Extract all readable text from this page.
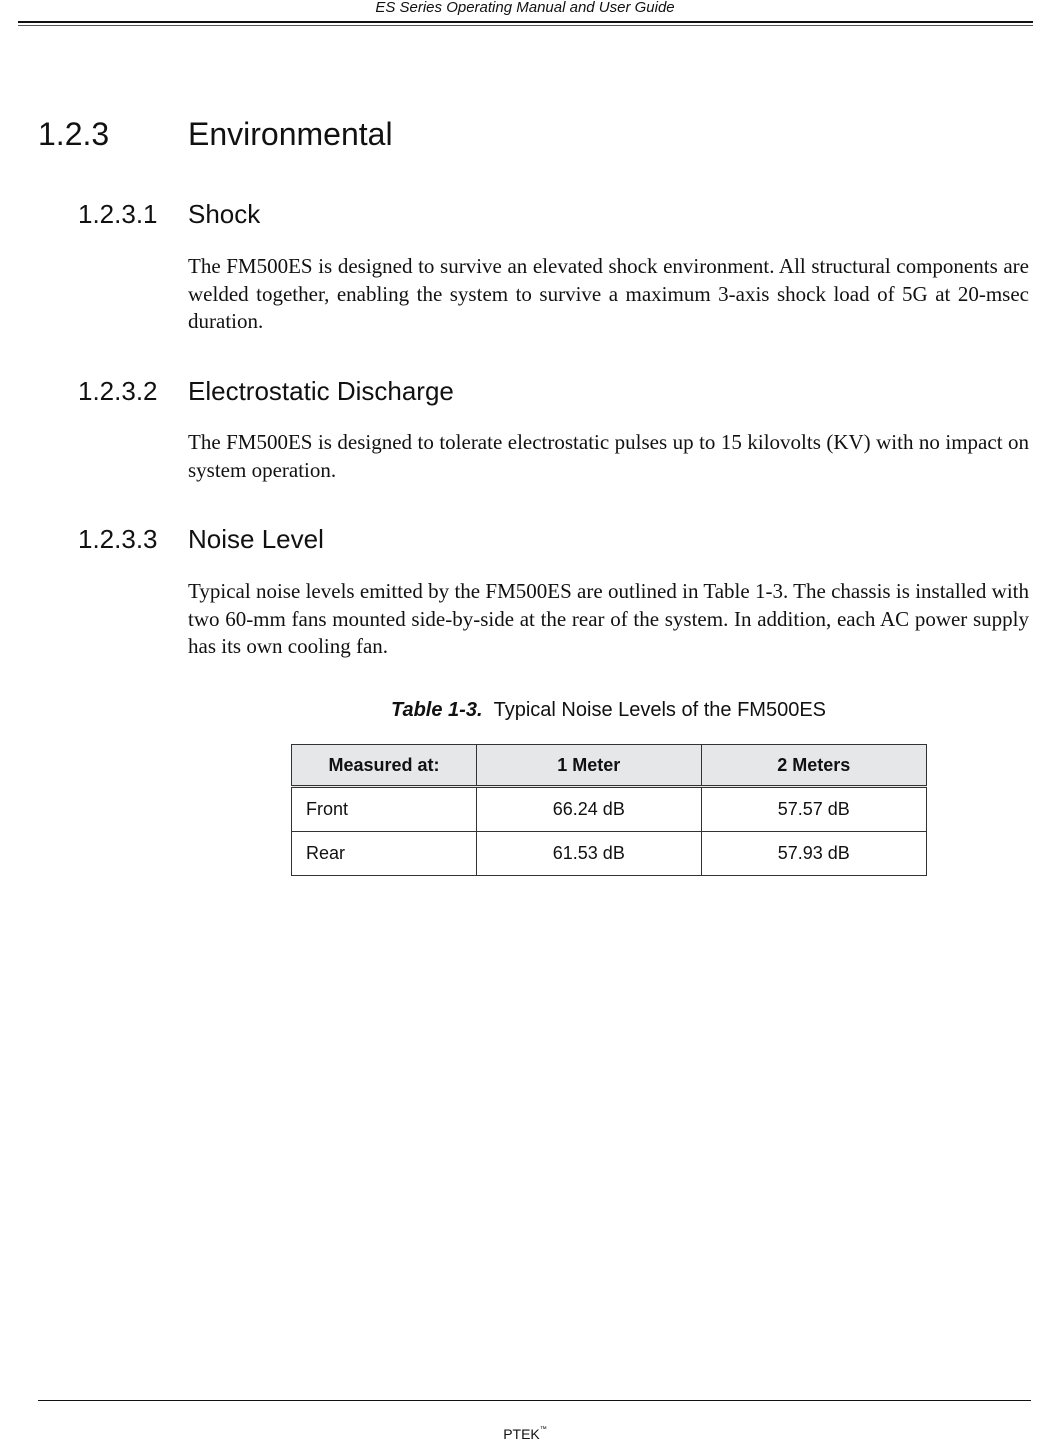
ES Series Operating Manual and User Guide
1.2.3 Environmental
1.2.3.1 Shock

The FM500ES is designed to survive an elevated shock environment. All structural components are welded together, enabling the system to survive a maximum 3-axis shock load of 5G at 20-msec duration.

1.2.3.2 Electrostatic Discharge

The FM500ES is designed to tolerate electrostatic pulses up to 15 kilovolts (KV) with no impact on system operation.

1.2.3.3 Noise Level

Typical noise levels emitted by the FM500ES are outlined in Table 1-3. The chassis is installed with two 60-mm fans mounted side-by-side at the rear of the system. In addition, each AC power supply has its own cooling fan.

Table 1-3. Typical Noise Levels of the FM500ES
Measured at:	1 Meter	2 Meters
Front	66.24 dB	57.57 dB
Rear	61.53 dB	57.93 dB
PTEK™
